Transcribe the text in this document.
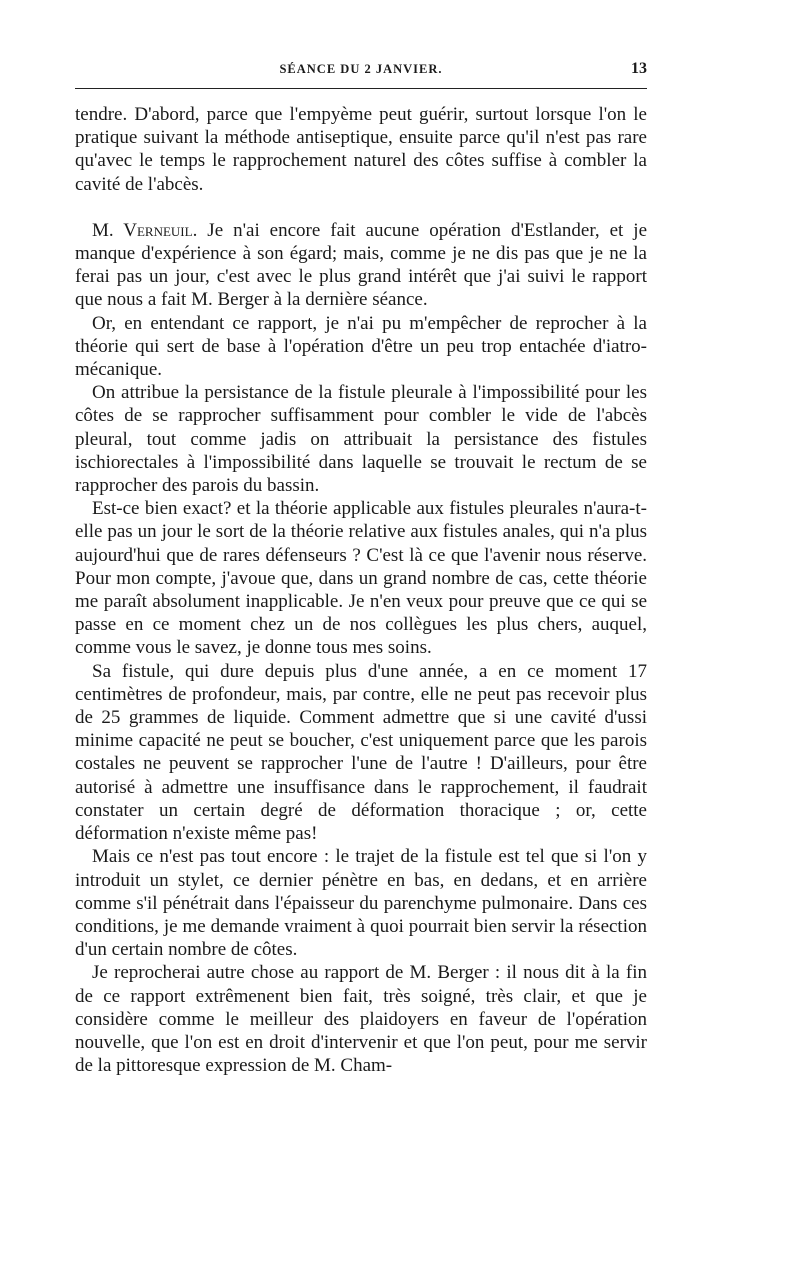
SÉANCE DU 2 JANVIER.	13

tendre. D'abord, parce que l'empyème peut guérir, surtout lorsque l'on le pratique suivant la méthode antiseptique, ensuite parce qu'il n'est pas rare qu'avec le temps le rapprochement naturel des côtes suffise à combler la cavité de l'abcès.

M. Verneuil. Je n'ai encore fait aucune opération d'Estlander, et je manque d'expérience à son égard; mais, comme je ne dis pas que je ne la ferai pas un jour, c'est avec le plus grand intérêt que j'ai suivi le rapport que nous a fait M. Berger à la dernière séance.

Or, en entendant ce rapport, je n'ai pu m'empêcher de reprocher à la théorie qui sert de base à l'opération d'être un peu trop entachée d'iatro-mécanique.

On attribue la persistance de la fistule pleurale à l'impossibilité pour les côtes de se rapprocher suffisamment pour combler le vide de l'abcès pleural, tout comme jadis on attribuait la persistance des fistules ischiorectales à l'impossibilité dans laquelle se trouvait le rectum de se rapprocher des parois du bassin.

Est-ce bien exact? et la théorie applicable aux fistules pleurales n'aura-t-elle pas un jour le sort de la théorie relative aux fistules anales, qui n'a plus aujourd'hui que de rares défenseurs ? C'est là ce que l'avenir nous réserve. Pour mon compte, j'avoue que, dans un grand nombre de cas, cette théorie me paraît absolument inapplicable. Je n'en veux pour preuve que ce qui se passe en ce moment chez un de nos collègues les plus chers, auquel, comme vous le savez, je donne tous mes soins.

Sa fistule, qui dure depuis plus d'une année, a en ce moment 17 centimètres de profondeur, mais, par contre, elle ne peut pas recevoir plus de 25 grammes de liquide. Comment admettre que si une cavité d'ussi minime capacité ne peut se boucher, c'est uniquement parce que les parois costales ne peuvent se rapprocher l'une de l'autre ! D'ailleurs, pour être autorisé à admettre une insuffisance dans le rapprochement, il faudrait constater un certain degré de déformation thoracique ; or, cette déformation n'existe même pas!

Mais ce n'est pas tout encore : le trajet de la fistule est tel que si l'on y introduit un stylet, ce dernier pénètre en bas, en dedans, et en arrière comme s'il pénétrait dans l'épaisseur du parenchyme pulmonaire. Dans ces conditions, je me demande vraiment à quoi pourrait bien servir la résection d'un certain nombre de côtes.

Je reprocherai autre chose au rapport de M. Berger : il nous dit à la fin de ce rapport extrêmenent bien fait, très soigné, très clair, et que je considère comme le meilleur des plaidoyers en faveur de l'opération nouvelle, que l'on est en droit d'intervenir et que l'on peut, pour me servir de la pittoresque expression de M. Cham-
